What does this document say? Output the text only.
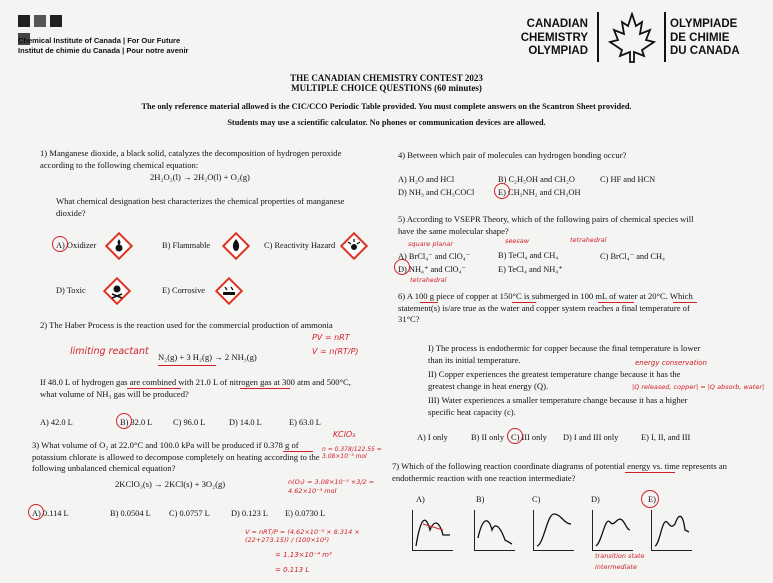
Chemical Institute of Canada | For Our Future
Institut de chimie du Canada | Pour notre avenir
CANADIAN
CHEMISTRY
OLYMPIAD
OLYMPIADE
DE CHIMIE
DU CANADA
THE CANADIAN CHEMISTRY CONTEST 2023
MULTIPLE CHOICE QUESTIONS (60 minutes)
The only reference material allowed is the CIC/CCO Periodic Table provided. You must complete answers on the Scantron Sheet provided.
Students may use a scientific calculator. No phones or communication devices are allowed.
1) Manganese dioxide, a black solid, catalyzes the decomposition of hydrogen peroxide according to the following chemical equation:
2H₂O₂(l) → 2H₂O(l) + O₂(g)
What chemical designation best characterizes the chemical properties of manganese dioxide?
A) Oxidizer	B) Flammable	C) Reactivity Hazard
D) Toxic	E) Corrosive
2) The Haber Process is the reaction used for the commercial production of ammonia
N₂(g) + 3 H₂(g) → 2 NH₃(g)
limiting reactant
PV = nRT
V = n(RT/P)
If 48.0 L of hydrogen gas are combined with 21.0 L of nitrogen gas at 300 atm and 500°C, what volume of NH₃ gas will be produced?
A) 42.0 L	B) 32.0 L C) 96.0 L	D) 14.0 L	E) 63.0 L
3) What volume of O₂ at 22.0°C and 100.0 kPa will be produced if 0.378 g of potassium chlorate is allowed to decompose completely on heating according to the following unbalanced chemical equation?
KClO₃
n = 0.378/122.55 = 3.08×10⁻³ mol
2KClO₃(s) → 2KCl(s) + 3O₂(g)	n(O₂) = 3.08×10⁻³ ×3/2 = 4.62×10⁻³ mol
A) 0.114 L	B) 0.0504 L C) 0.0757 L	D) 0.123 L E) 0.0730 L
V = nRT/P = (4.62×10⁻³ × 8.314 × (22+273.15)) / (100×10³)
= 1.13×10⁻⁴ m³
= 0.113 L
4) Between which pair of molecules can hydrogen bonding occur?
A) H₂O and HCl	B) C₂H₅OH and CH₂O	C) HF and HCN
D) NH₃ and CH₃COCl	E) CH₃NH₂ and CH₃OH
5) According to VSEPR Theory, which of the following pairs of chemical species will have the same molecular shape?
square planar	seesaw	tetrahedral
A) BrCl₄⁻ and ClO₄⁻	B) TeCl₄ and CH₄	C) BrCl₄⁻ and CH₄
D) NH₄⁺ and ClO₄⁻	E) TeCl₄ and NH₄⁺
tetrahedral
6) A 100 g piece of copper at 150°C is submerged in 100 mL of water at 20°C. Which statement(s) is/are true as the water and copper system reaches a final temperature of 31°C?
I) The process is endothermic for copper because the final temperature is lower than its initial temperature.	energy conservation
II) Copper experiences the greatest temperature change because it has the greatest change in heat energy (Q).	|Q released, copper| = |Q absorb, water|
III) Water experiences a smaller temperature change because it has a higher specific heat capacity (c).
A) I only	B) II only C) III only D) I and III only	E) I, II, and III
7) Which of the following reaction coordinate diagrams of potential energy vs. time represents an endothermic reaction with one reaction intermediate?
A)	B)	C)	D)	E)
transition state
intermediate
